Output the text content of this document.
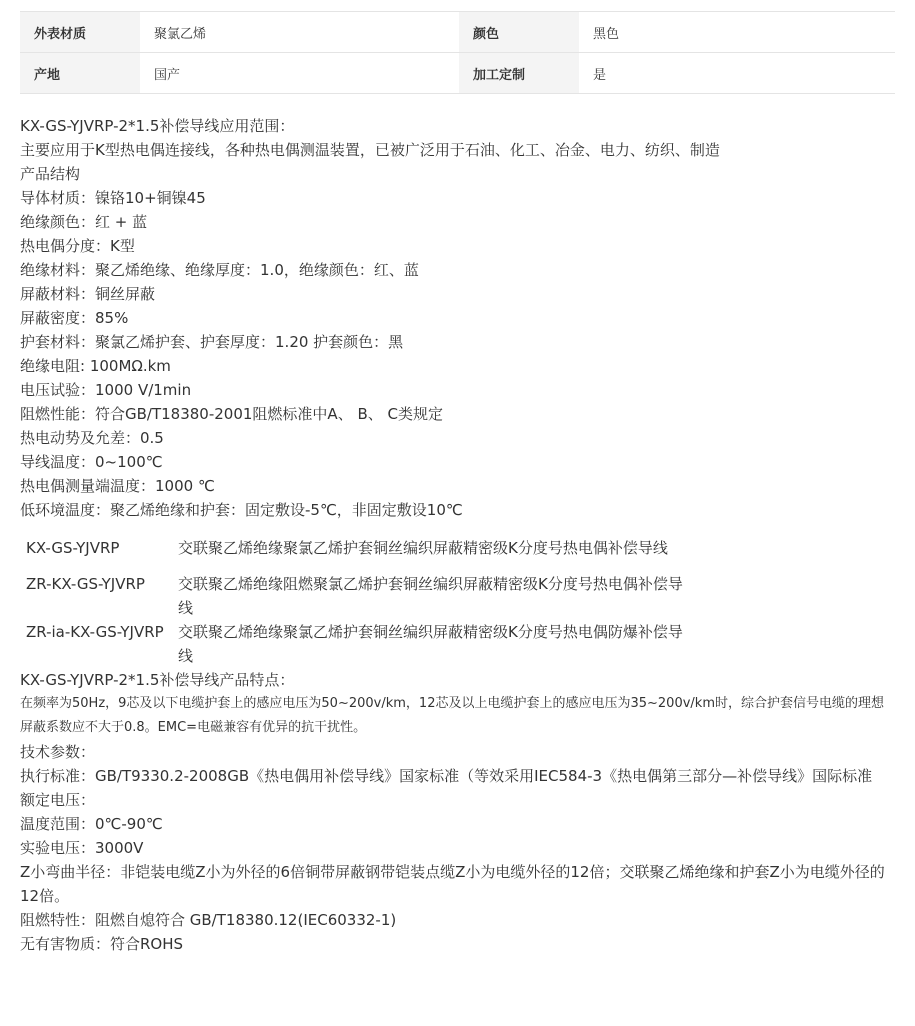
外表材质	聚氯乙烯	颜色	黑色
产地	国产	加工定制	是
KX-GS-YJVRP-2*1.5补偿导线应用范围：
主要应用于K型热电偶连接线，各种热电偶测温装置，已被广泛用于石油、化工、冶金、电力、纺织、制造
产品结构
导体材质：镍铬10+铜镍45
绝缘颜色：红 + 蓝
热电偶分度：K型
绝缘材料：聚乙烯绝缘、绝缘厚度：1.0，绝缘颜色：红、蓝
屏蔽材料：铜丝屏蔽
屏蔽密度：85%
护套材料：聚氯乙烯护套、护套厚度：1.20 护套颜色：黑
绝缘电阻: 100MΩ.km
电压试验：1000 V/1min
阻燃性能：符合GB/T18380-2001阻燃标准中A、 B、 C类规定
热电动势及允差：0.5
导线温度：0~100℃
热电偶测量端温度：1000 ℃
低环境温度：聚乙烯绝缘和护套：固定敷设-5℃，非固定敷设10℃
KX-GS-YJVRP	交联聚乙烯绝缘聚氯乙烯护套铜丝编织屏蔽精密级K分度号热电偶补偿导线
ZR-KX-GS-YJVRP	交联聚乙烯绝缘阻燃聚氯乙烯护套铜丝编织屏蔽精密级K分度号热电偶补偿导线
ZR-ia-KX-GS-YJVRP	交联聚乙烯绝缘聚氯乙烯护套铜丝编织屏蔽精密级K分度号热电偶防爆补偿导线
KX-GS-YJVRP-2*1.5补偿导线产品特点：
在频率为50Hz，9芯及以下电缆护套上的感应电压为50~200v/km，12芯及以上电缆护套上的感应电压为35~200v/km时，综合护套信号电缆的理想屏蔽系数应不大于0.8。EMC=电磁兼容有优异的抗干扰性。
技术参数：
执行标准：GB/T9330.2-2008GB《热电偶用补偿导线》国家标准（等效采用IEC584-3《热电偶第三部分—补偿导线》国际标准
额定电压：
温度范围：0℃-90℃
实验电压：3000V
Z小弯曲半径：非铠装电缆Z小为外径的6倍铜带屏蔽钢带铠装点缆Z小为电缆外径的12倍；交联聚乙烯绝缘和护套Z小为电缆外径的12倍。
阻燃特性：阻燃自熄符合 GB/T18380.12(IEC60332-1)
无有害物质：符合ROHS
